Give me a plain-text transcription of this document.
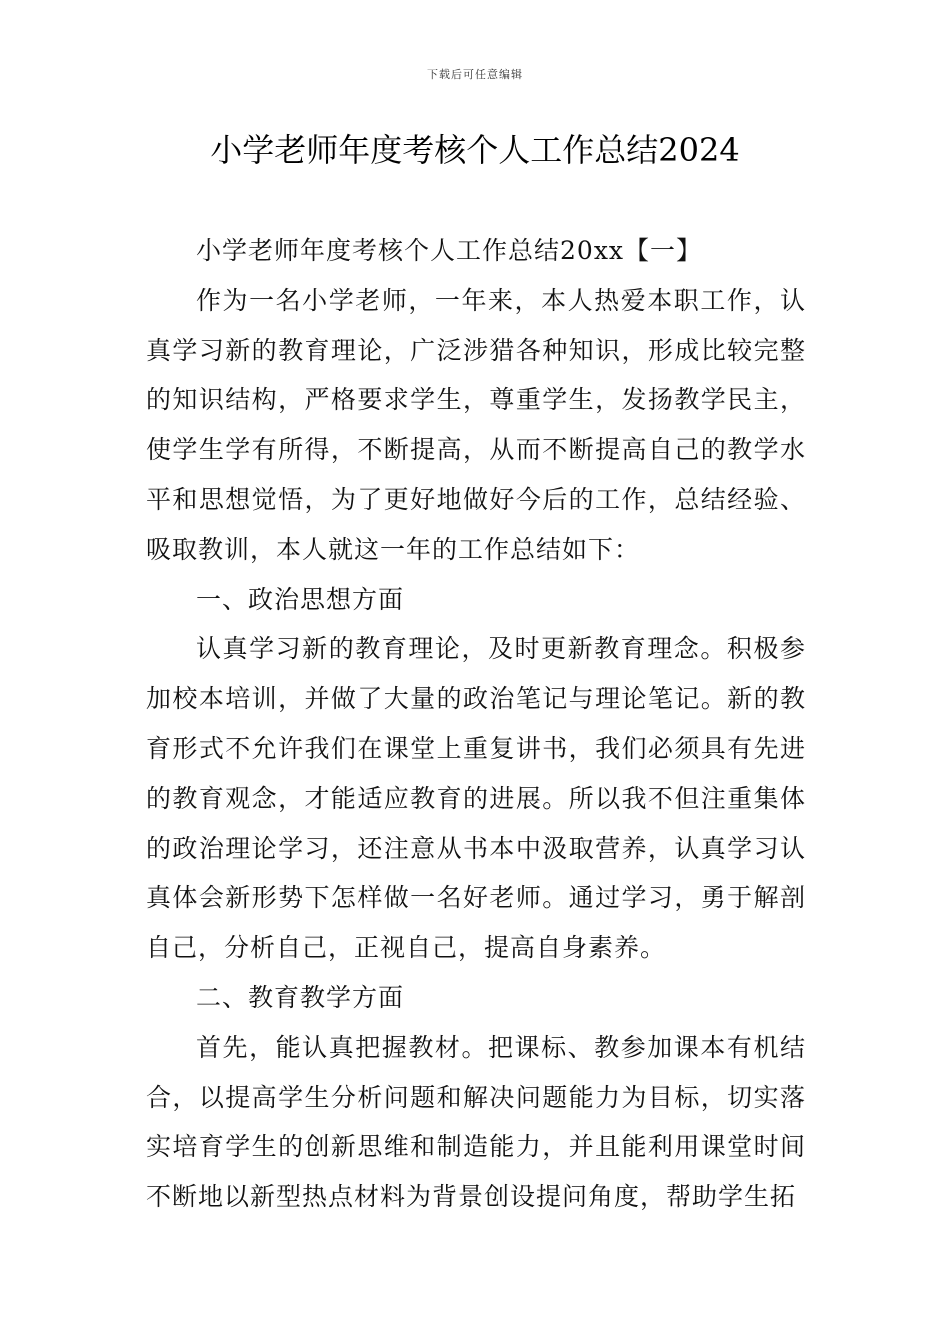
下载后可任意编辑
小学老师年度考核个人工作总结2024

小学老师年度考核个人工作总结20xx【一】

作为一名小学老师，一年来，本人热爱本职工作，认真学习新的教育理论，广泛涉猎各种知识，形成比较完整的知识结构，严格要求学生，尊重学生，发扬教学民主，使学生学有所得，不断提高，从而不断提高自己的教学水平和思想觉悟，为了更好地做好今后的工作，总结经验、吸取教训，本人就这一年的工作总结如下：

一、政治思想方面

认真学习新的教育理论，及时更新教育理念。积极参加校本培训，并做了大量的政治笔记与理论笔记。新的教育形式不允许我们在课堂上重复讲书，我们必须具有先进的教育观念，才能适应教育的进展。所以我不但注重集体的政治理论学习，还注意从书本中汲取营养，认真学习认真体会新形势下怎样做一名好老师。通过学习，勇于解剖自己，分析自己，正视自己，提高自身素养。

二、教育教学方面

首先，能认真把握教材。把课标、教参加课本有机结合，以提高学生分析问题和解决问题能力为目标，切实落实培育学生的创新思维和制造能力，并且能利用课堂时间不断地以新型热点材料为背景创设提问角度，帮助学生拓
